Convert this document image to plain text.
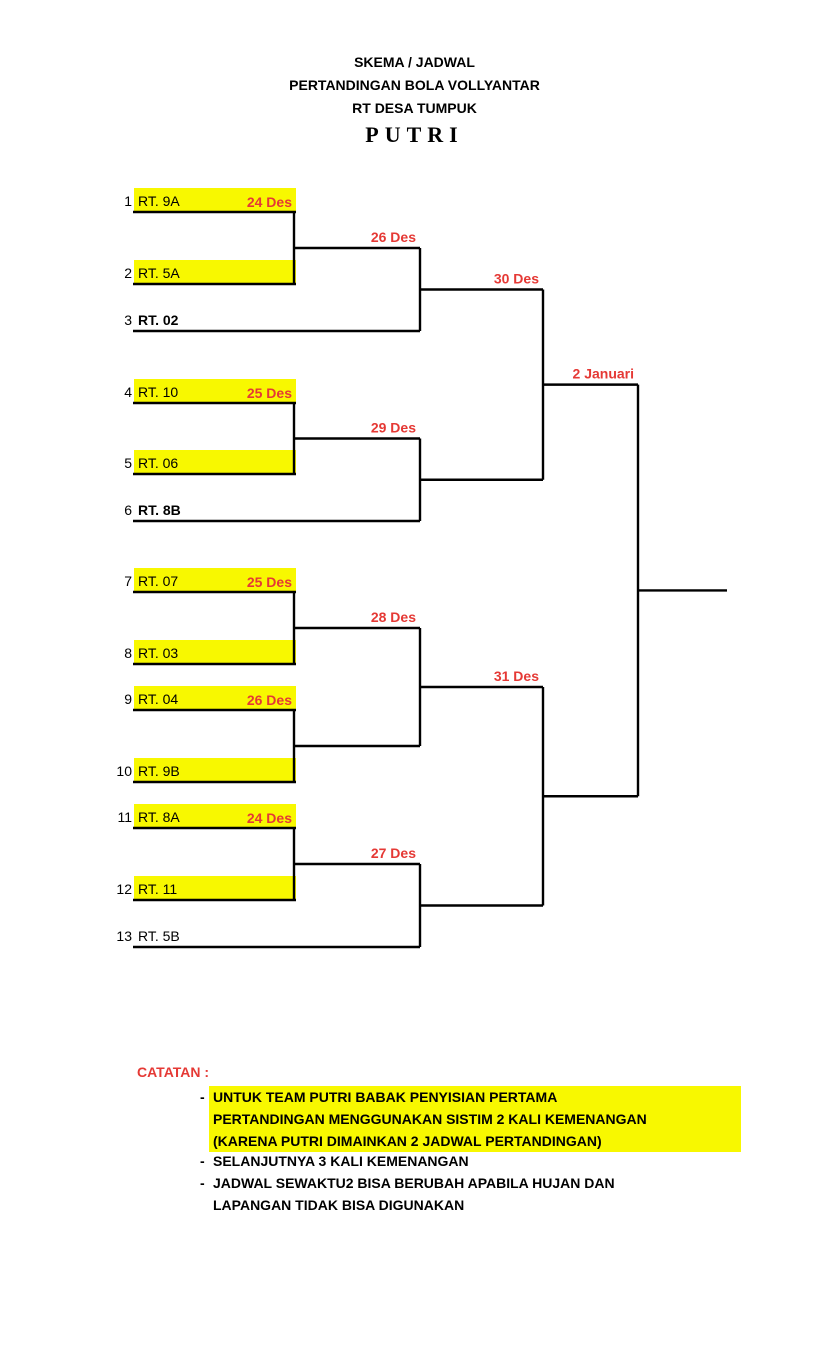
SKEMA / JADWAL
PERTANDINGAN BOLA VOLLYANTAR
RT DESA TUMPUK
PUTRI
1 RT. 9A
2 RT. 5A
3 RT. 02
4 RT. 10
5 RT. 06
6 RT. 8B
7 RT. 07
8 RT. 03
9 RT. 04
10 RT. 9B
11 RT. 8A
12 RT. 11
13 RT. 5B
24 Des
25 Des
25 Des
26 Des
24 Des
26 Des
29 Des
28 Des
27 Des
30 Des
31 Des
2 Januari
CATATAN :
- UNTUK TEAM PUTRI BABAK PENYISIAN PERTAMA
PERTANDINGAN MENGGUNAKAN SISTIM 2 KALI KEMENANGAN
(KARENA PUTRI DIMAINKAN 2 JADWAL PERTANDINGAN)
- SELANJUTNYA 3 KALI KEMENANGAN
- JADWAL SEWAKTU2 BISA BERUBAH APABILA HUJAN DAN
LAPANGAN TIDAK BISA DIGUNAKAN
